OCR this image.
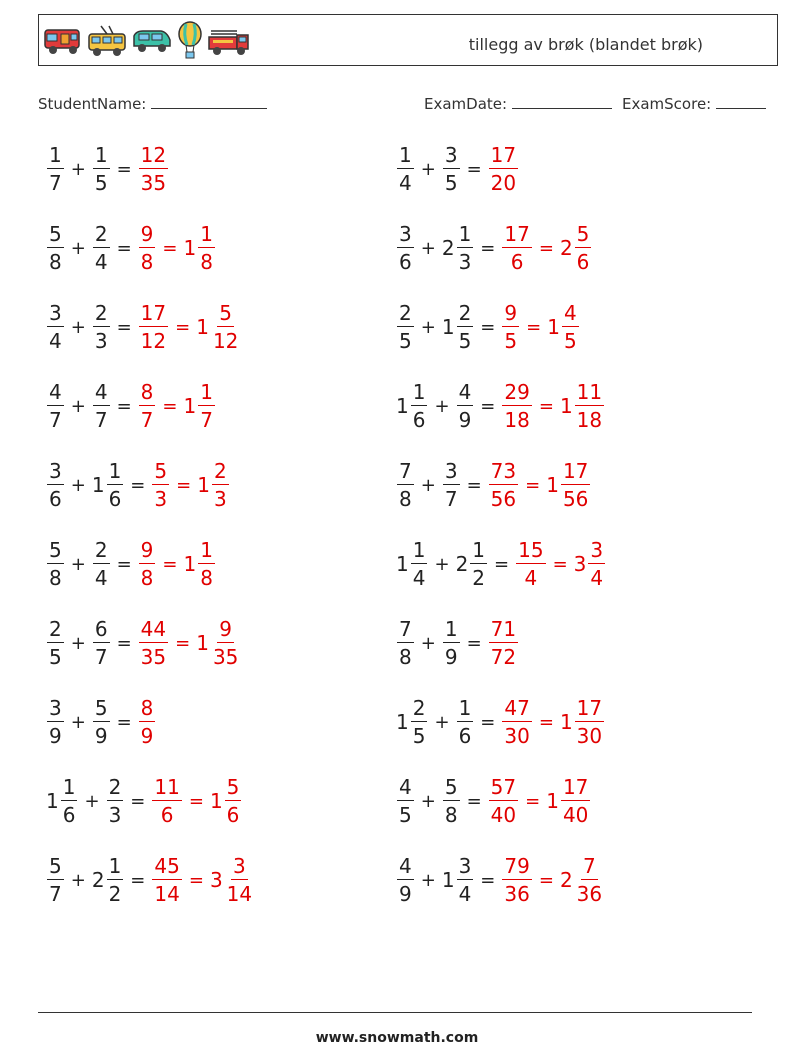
tillegg av brøk (blandet brøk)
StudentName:	ExamDate:	ExamScore:
$\frac{1}{7} + \frac{1}{5} = \frac{12}{35}$	$\frac{1}{4} + \frac{3}{5} = \frac{17}{20}$
$\frac{5}{8} + \frac{2}{4} = \frac{9}{8} = 1 \frac{1}{8}$	$\frac{3}{6} + 2 \frac{1}{3} = \frac{17}{6} = 2 \frac{5}{6}$
$\frac{3}{4} + \frac{2}{3} = \frac{17}{12} = 1 \frac{5}{12}$	$\frac{2}{5} + 1 \frac{2}{5} = \frac{9}{5} = 1 \frac{4}{5}$
$\frac{4}{7} + \frac{4}{7} = \frac{8}{7} = 1 \frac{1}{7}$	$1 \frac{1}{6} + \frac{4}{9} = \frac{29}{18} = 1 \frac{11}{18}$
$\frac{3}{6} + 1 \frac{1}{6} = \frac{5}{3} = 1 \frac{2}{3}$	$\frac{7}{8} + \frac{3}{7} = \frac{73}{56} = 1 \frac{17}{56}$
$\frac{5}{8} + \frac{2}{4} = \frac{9}{8} = 1 \frac{1}{8}$	$1 \frac{1}{4} + 2 \frac{1}{2} = \frac{15}{4} = 3 \frac{3}{4}$
$\frac{2}{5} + \frac{6}{7} = \frac{44}{35} = 1 \frac{9}{35}$	$\frac{7}{8} + \frac{1}{9} = \frac{71}{72}$
$\frac{3}{9} + \frac{5}{9} = \frac{8}{9}$	$1 \frac{2}{5} + \frac{1}{6} = \frac{47}{30} = 1 \frac{17}{30}$
$1 \frac{1}{6} + \frac{2}{3} = \frac{11}{6} = 1 \frac{5}{6}$	$\frac{4}{5} + \frac{5}{8} = \frac{57}{40} = 1 \frac{17}{40}$
$\frac{5}{7} + 2 \frac{1}{2} = \frac{45}{14} = 3 \frac{3}{14}$	$\frac{4}{9} + 1 \frac{3}{4} = \frac{79}{36} = 2 \frac{7}{36}$
www.snowmath.com
